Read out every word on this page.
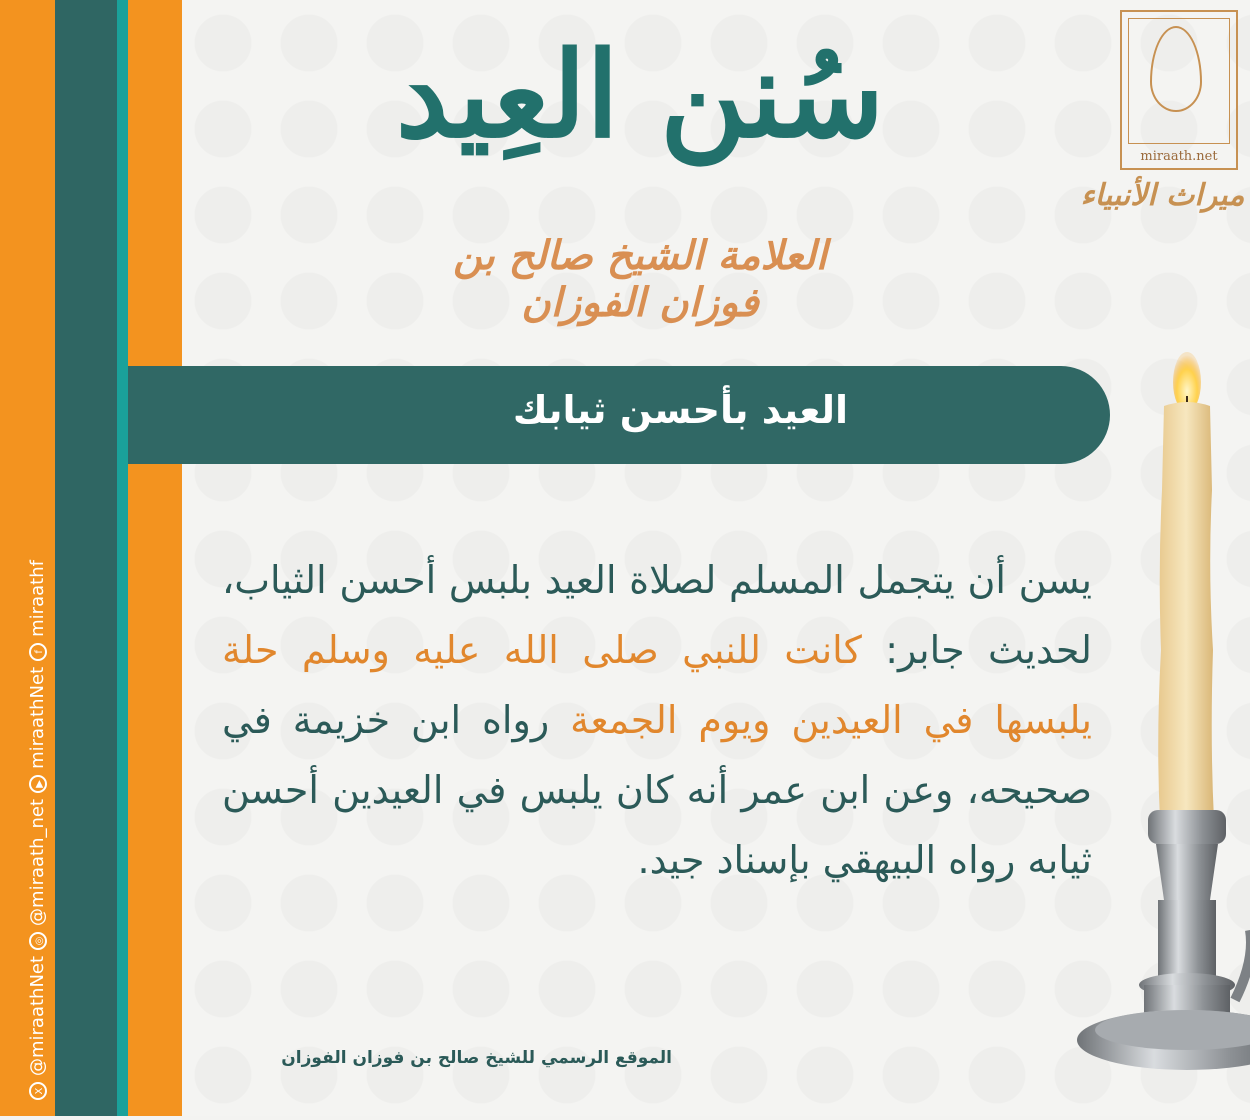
X
@miraathNet
◎
@miraath_net
▶
miraathNet
f
miraathf
سُنن العِيد
العلامة الشيخ صالح بن فوزان الفوزان
miraath.net
ميراث الأنبياء
العيد بأحسن ثيابك
يسن أن يتجمل المسلم لصلاة العيد بلبس أحسن الثياب، لحديث جابر: كانت للنبي صلى الله عليه وسلم حلة يلبسها في العيدين ويوم الجمعة رواه ابن خزيمة في صحيحه، وعن ابن عمر أنه كان يلبس في العيدين أحسن ثيابه رواه البيهقي بإسناد جيد.
الموقع الرسمي للشيخ صالح بن فوزان الفوزان
